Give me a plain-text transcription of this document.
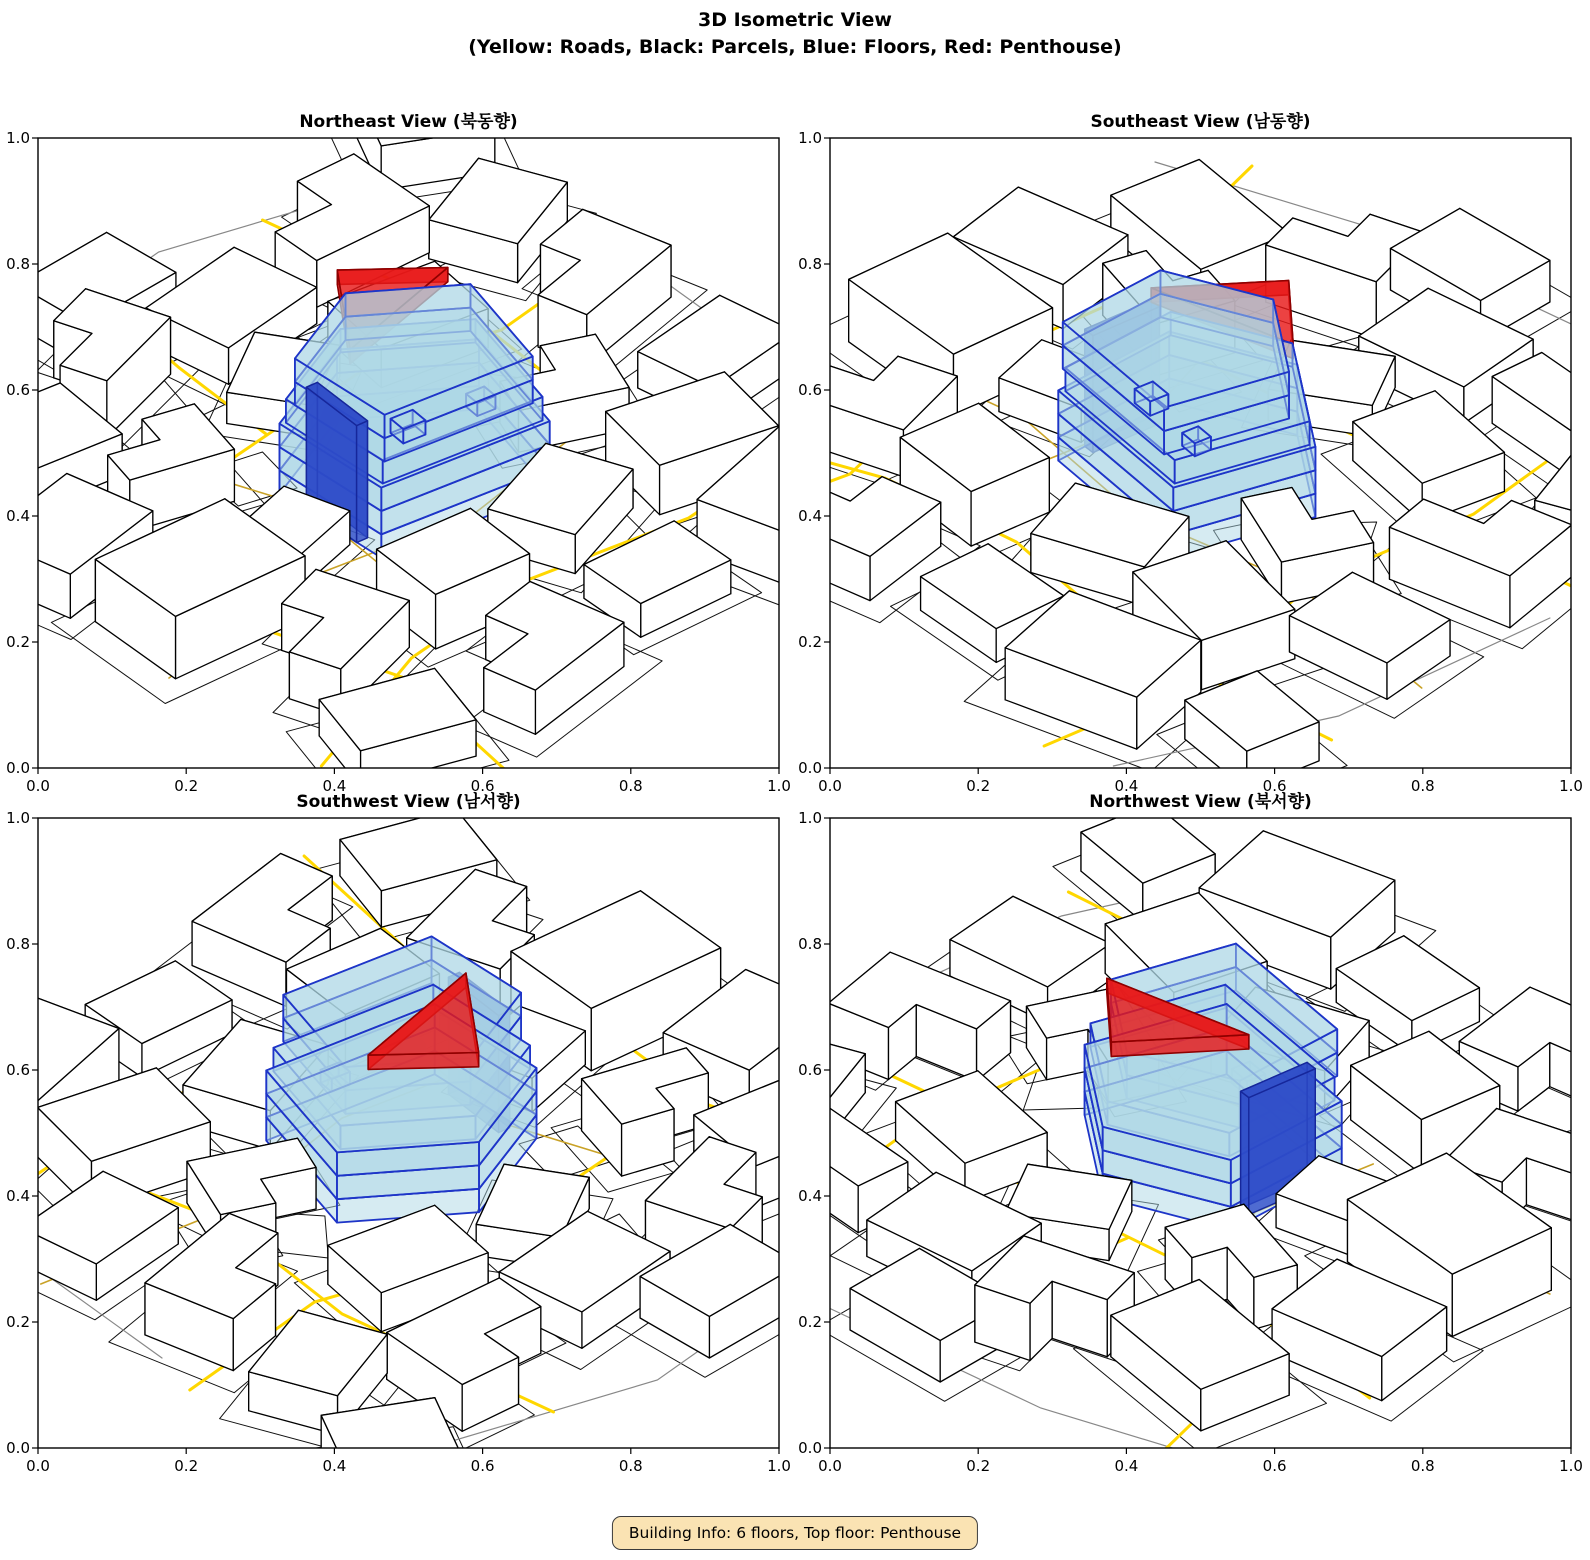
3D Isometric View
(Yellow: Roads, Black: Parcels, Blue: Floors, Red: Penthouse)
Northeast View (북동향)
0.0	0.2	0.4	0.6	0.8	1.0
0.0
0.2
0.4
0.6
0.8
1.0
Southeast View (남동향)
0.0	0.2	0.4	0.6	0.8	1.0
0.0
0.2
0.4
0.6
0.8
1.0
Southwest View (남서향)
0.0	0.2	0.4	0.6	0.8	1.0
0.0
0.2
0.4
0.6
0.8
1.0
Northwest View (북서향)
0.0	0.2	0.4	0.6	0.8	1.0
0.0
0.2
0.4
0.6
0.8
1.0
Building Info: 6 floors, Top floor: Penthouse
